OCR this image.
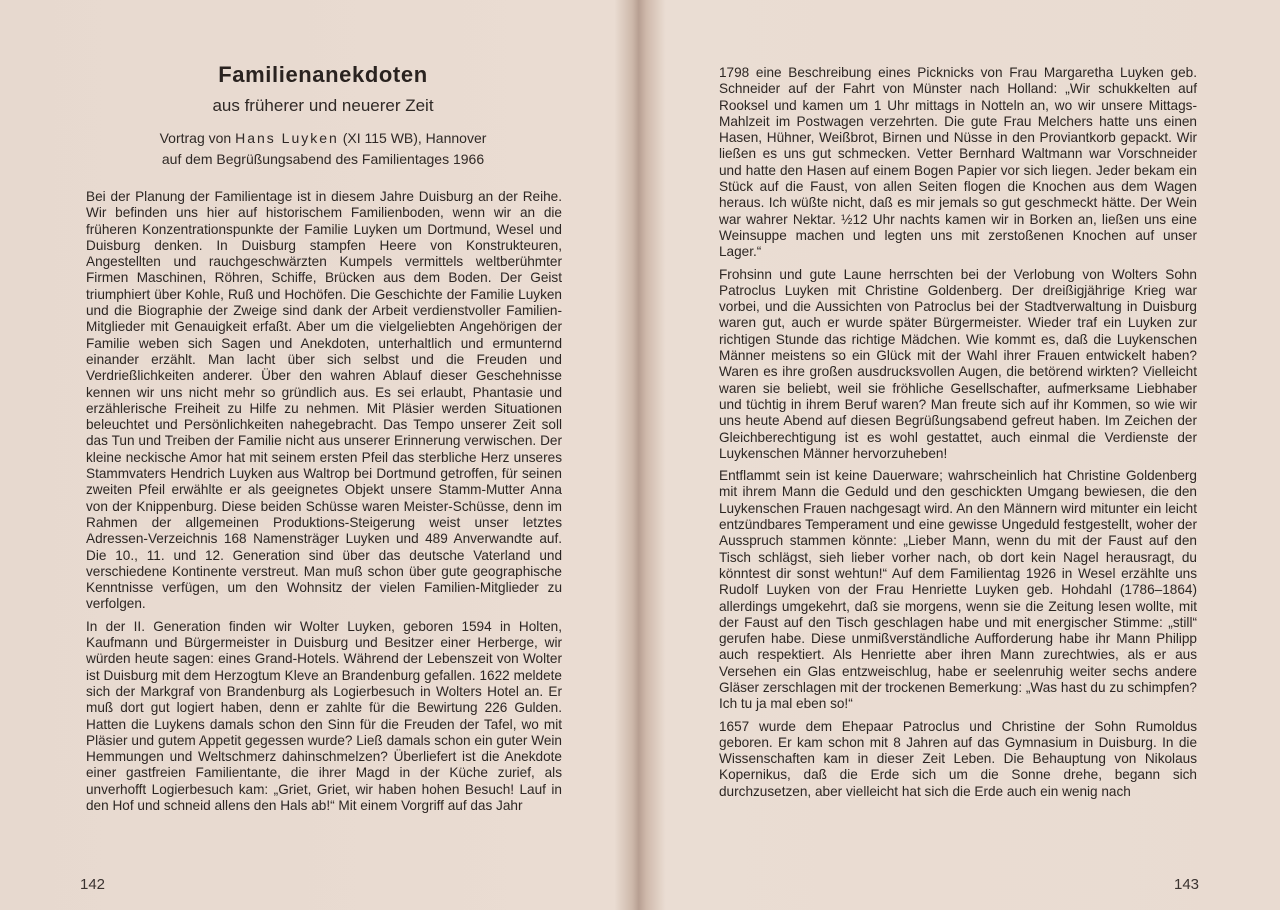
Familienanekdoten
aus früherer und neuerer Zeit
Vortrag von Hans Luyken (XI 115 WB), Hannover
auf dem Begrüßungsabend des Familientages 1966

Bei der Planung der Familientage ist in diesem Jahre Duisburg an der Reihe. Wir befinden uns hier auf historischem Familienboden, wenn wir an die früheren Konzentrationspunkte der Familie Luyken um Dortmund, Wesel und Duisburg denken. In Duisburg stampfen Heere von Konstrukteuren, Angestellten und rauchgeschwärzten Kumpels vermittels weltberühmter Firmen Maschinen, Röhren, Schiffe, Brücken aus dem Boden. Der Geist triumphiert über Kohle, Ruß und Hochöfen. Die Geschichte der Familie Luyken und die Biographie der Zweige sind dank der Arbeit verdienstvoller Familien-Mitglieder mit Genauigkeit erfaßt. Aber um die vielgeliebten Angehörigen der Familie weben sich Sagen und Anekdoten, unterhaltlich und ermunternd einander erzählt. Man lacht über sich selbst und die Freuden und Verdrießlichkeiten anderer. Über den wahren Ablauf dieser Geschehnisse kennen wir uns nicht mehr so gründlich aus. Es sei erlaubt, Phantasie und erzählerische Freiheit zu Hilfe zu nehmen. Mit Pläsier werden Situationen beleuchtet und Persönlichkeiten nahegebracht. Das Tempo unserer Zeit soll das Tun und Treiben der Familie nicht aus unserer Erinnerung verwischen. Der kleine neckische Amor hat mit seinem ersten Pfeil das sterbliche Herz unseres Stammvaters Hendrich Luyken aus Waltrop bei Dortmund getroffen, für seinen zweiten Pfeil erwählte er als geeignetes Objekt unsere Stamm-Mutter Anna von der Knippenburg. Diese beiden Schüsse waren Meister-Schüsse, denn im Rahmen der allgemeinen Produktions-Steigerung weist unser letztes Adressen-Verzeichnis 168 Namensträger Luyken und 489 Anverwandte auf. Die 10., 11. und 12. Generation sind über das deutsche Vaterland und verschiedene Kontinente verstreut. Man muß schon über gute geographische Kenntnisse verfügen, um den Wohnsitz der vielen Familien-Mitglieder zu verfolgen.

In der II. Generation finden wir Wolter Luyken, geboren 1594 in Holten, Kaufmann und Bürgermeister in Duisburg und Besitzer einer Herberge, wir würden heute sagen: eines Grand-Hotels. Während der Lebenszeit von Wolter ist Duisburg mit dem Herzogtum Kleve an Brandenburg gefallen. 1622 meldete sich der Markgraf von Brandenburg als Logierbesuch in Wolters Hotel an. Er muß dort gut logiert haben, denn er zahlte für die Bewirtung 226 Gulden. Hatten die Luykens damals schon den Sinn für die Freuden der Tafel, wo mit Pläsier und gutem Appetit gegessen wurde? Ließ damals schon ein guter Wein Hemmungen und Weltschmerz dahinschmelzen? Überliefert ist die Anekdote einer gastfreien Familientante, die ihrer Magd in der Küche zurief, als unverhofft Logierbesuch kam: „Griet, Griet, wir haben hohen Besuch! Lauf in den Hof und schneid allens den Hals ab!“ Mit einem Vorgriff auf das Jahr

142

1798 eine Beschreibung eines Picknicks von Frau Margaretha Luyken geb. Schneider auf der Fahrt von Münster nach Holland: „Wir schukkelten auf Rooksel und kamen um 1 Uhr mittags in Notteln an, wo wir unsere Mittags-Mahlzeit im Postwagen verzehrten. Die gute Frau Melchers hatte uns einen Hasen, Hühner, Weißbrot, Birnen und Nüsse in den Proviantkorb gepackt. Wir ließen es uns gut schmecken. Vetter Bernhard Waltmann war Vorschneider und hatte den Hasen auf einem Bogen Papier vor sich liegen. Jeder bekam ein Stück auf die Faust, von allen Seiten flogen die Knochen aus dem Wagen heraus. Ich wüßte nicht, daß es mir jemals so gut geschmeckt hätte. Der Wein war wahrer Nektar. ½12 Uhr nachts kamen wir in Borken an, ließen uns eine Weinsuppe machen und legten uns mit zerstoßenen Knochen auf unser Lager.“

Frohsinn und gute Laune herrschten bei der Verlobung von Wolters Sohn Patroclus Luyken mit Christine Goldenberg. Der dreißigjährige Krieg war vorbei, und die Aussichten von Patroclus bei der Stadtverwaltung in Duisburg waren gut, auch er wurde später Bürgermeister. Wieder traf ein Luyken zur richtigen Stunde das richtige Mädchen. Wie kommt es, daß die Luykenschen Männer meistens so ein Glück mit der Wahl ihrer Frauen entwickelt haben? Waren es ihre großen ausdrucksvollen Augen, die betörend wirkten? Vielleicht waren sie beliebt, weil sie fröhliche Gesellschafter, aufmerksame Liebhaber und tüchtig in ihrem Beruf waren? Man freute sich auf ihr Kommen, so wie wir uns heute Abend auf diesen Begrüßungsabend gefreut haben. Im Zeichen der Gleichberechtigung ist es wohl gestattet, auch einmal die Verdienste der Luykenschen Männer hervorzuheben!

Entflammt sein ist keine Dauerware; wahrscheinlich hat Christine Goldenberg mit ihrem Mann die Geduld und den geschickten Umgang bewiesen, die den Luykenschen Frauen nachgesagt wird. An den Männern wird mitunter ein leicht entzündbares Temperament und eine gewisse Ungeduld festgestellt, woher der Ausspruch stammen könnte: „Lieber Mann, wenn du mit der Faust auf den Tisch schlägst, sieh lieber vorher nach, ob dort kein Nagel herausragt, du könntest dir sonst wehtun!“ Auf dem Familientag 1926 in Wesel erzählte uns Rudolf Luyken von der Frau Henriette Luyken geb. Hohdahl (1786–1864) allerdings umgekehrt, daß sie morgens, wenn sie die Zeitung lesen wollte, mit der Faust auf den Tisch geschlagen habe und mit energischer Stimme: „still“ gerufen habe. Diese unmißverständliche Aufforderung habe ihr Mann Philipp auch respektiert. Als Henriette aber ihren Mann zurechtwies, als er aus Versehen ein Glas entzweischlug, habe er seelenruhig weiter sechs andere Gläser zerschlagen mit der trockenen Bemerkung: „Was hast du zu schimpfen? Ich tu ja mal eben so!“

1657 wurde dem Ehepaar Patroclus und Christine der Sohn Rumoldus geboren. Er kam schon mit 8 Jahren auf das Gymnasium in Duisburg. In die Wissenschaften kam in dieser Zeit Leben. Die Behauptung von Nikolaus Kopernikus, daß die Erde sich um die Sonne drehe, begann sich durchzusetzen, aber vielleicht hat sich die Erde auch ein wenig nach

143
